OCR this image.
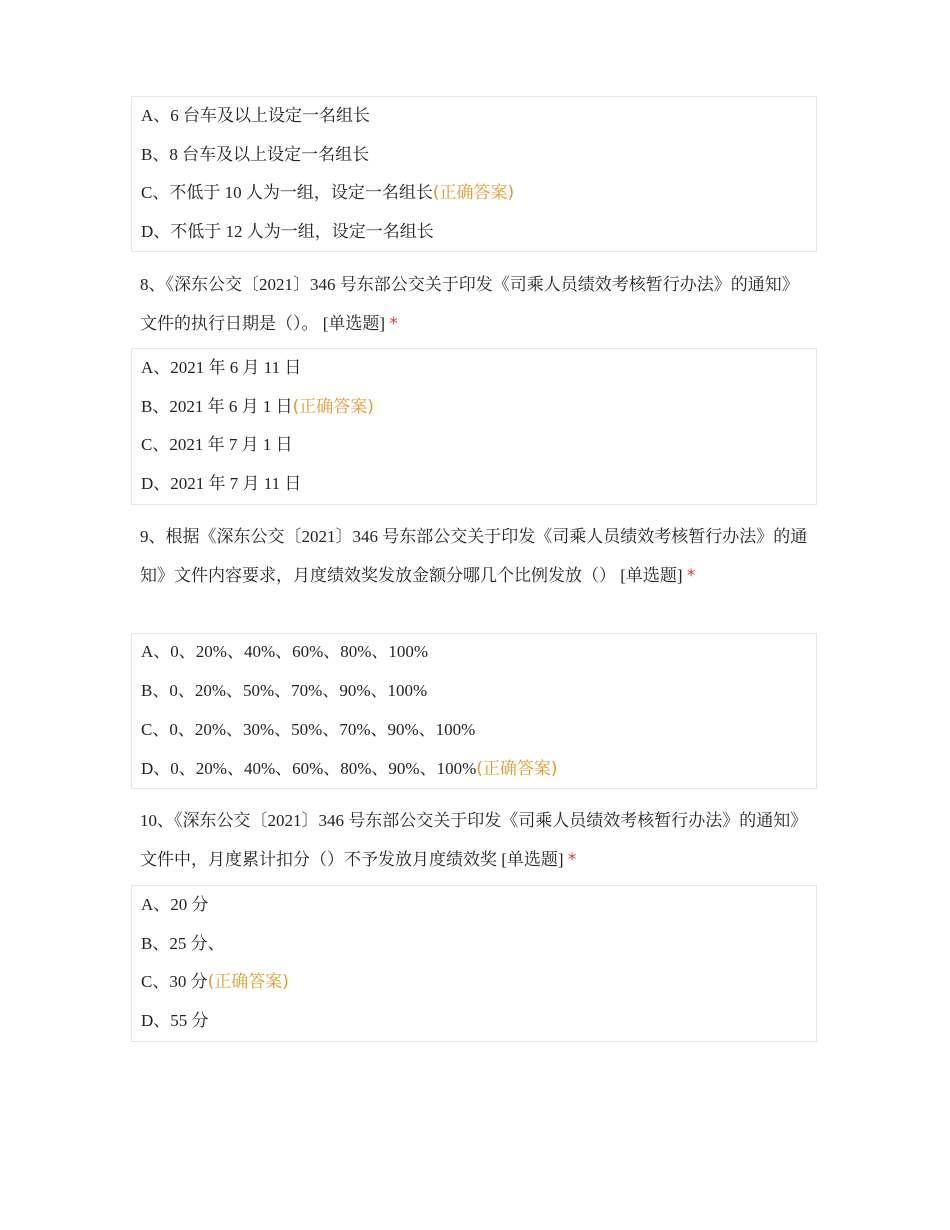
A、6 台车及以上设定一名组长
B、8 台车及以上设定一名组长
C、不低于 10 人为一组，设定一名组长(正确答案)
D、不低于 12 人为一组，设定一名组长
8、《深东公交〔2021〕346 号东部公交关于印发《司乘人员绩效考核暂行办法》的通知》文件的执行日期是（）。 [单选题] *
A、2021 年 6 月 11 日
B、2021 年 6 月 1 日(正确答案)
C、2021 年 7 月 1 日
D、2021 年 7 月 11 日
9、根据《深东公交〔2021〕346 号东部公交关于印发《司乘人员绩效考核暂行办法》的通知》文件内容要求，月度绩效奖发放金额分哪几个比例发放（） [单选题] *
A、0、20%、40%、60%、80%、100%
B、0、20%、50%、70%、90%、100%
C、0、20%、30%、50%、70%、90%、100%
D、0、20%、40%、60%、80%、90%、100%(正确答案)
10、《深东公交〔2021〕346 号东部公交关于印发《司乘人员绩效考核暂行办法》的通知》文件中，月度累计扣分（）不予发放月度绩效奖 [单选题] *
A、20 分
B、25 分、
C、30 分(正确答案)
D、55 分
